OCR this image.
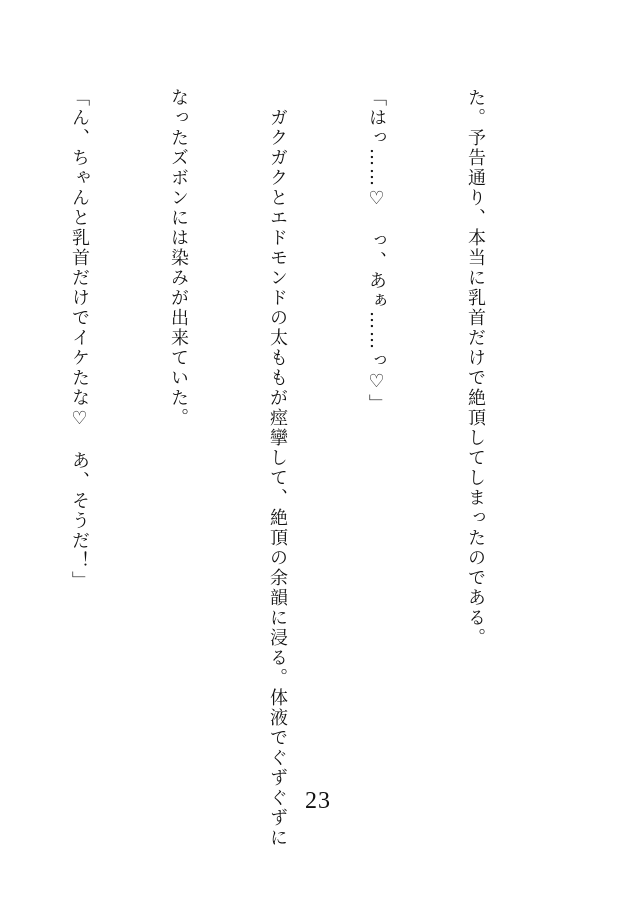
た。予告通り、本当に乳首だけで絶頂してしまったのである。

「はっ……♡　っ、あぁ……っ♡」

　ガクガクとエドモンドの太ももが痙攣して、絶頂の余韻に浸る。体液でぐずぐずに

なったズボンには染みが出来ていた。

「ん、ちゃんと乳首だけでイケたな♡　あ、そうだ！」

23
